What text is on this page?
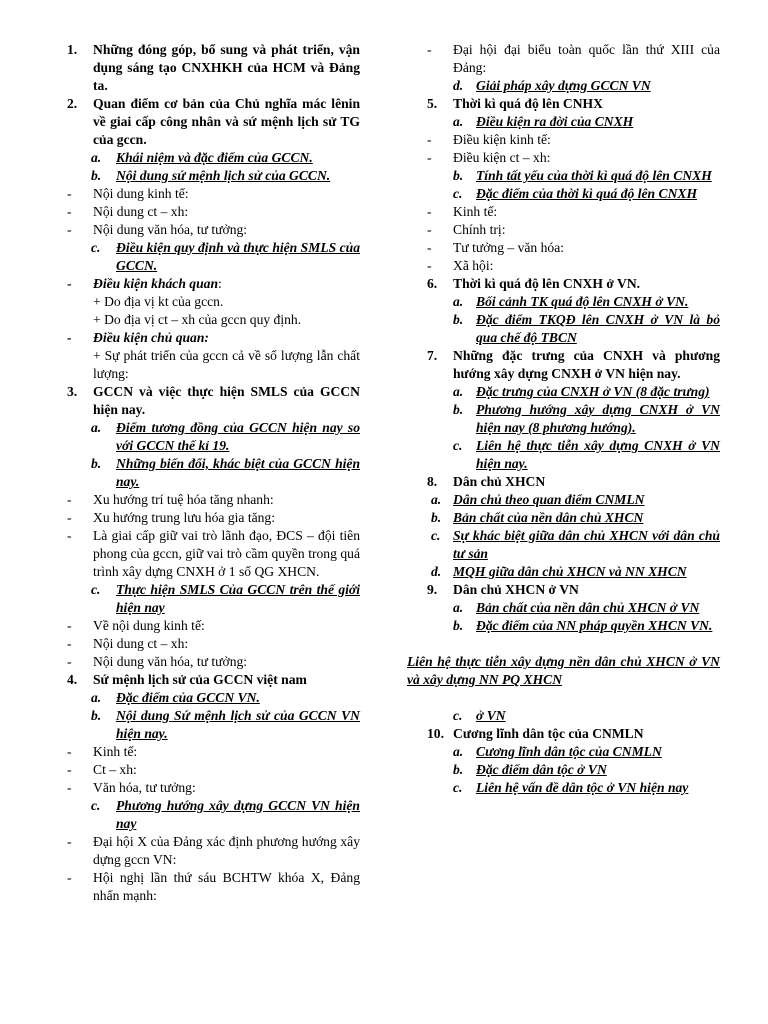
1. Những đóng góp, bổ sung và phát triển, vận dụng sáng tạo CNXHKH của HCM và Đảng ta.
2. Quan điểm cơ bản của Chủ nghĩa mác lênin về giai cấp công nhân và sứ mệnh lịch sử TG của gccn.
a. Khái niệm và đặc điểm của GCCN.
b. Nội dung sứ mệnh lịch sử của GCCN.
- Nội dung kinh tế:
- Nội dung ct – xh:
- Nội dung văn hóa, tư tưởng:
c. Điều kiện quy định và thực hiện SMLS của GCCN.
- Điều kiện khách quan:
+ Do địa vị kt của gccn.
+ Do địa vị ct – xh của gccn quy định.
- Điều kiện chủ quan:
+ Sự phát triển của gccn cả về số lượng lẫn chất lượng:
3. GCCN và việc thực hiện SMLS của GCCN hiện nay.
a. Điểm tương đồng của GCCN hiện nay so với GCCN thế kỉ 19.
b. Những biến đổi, khác biệt của GCCN hiện nay.
- Xu hướng trí tuệ hóa tăng nhanh:
- Xu hướng trung lưu hóa gia tăng:
- Là giai cấp giữ vai trò lãnh đạo, ĐCS – đội tiên phong của gccn, giữ vai trò cầm quyền trong quá trình xây dựng CNXH ở 1 số QG XHCN.
c. Thực hiện SMLS Của GCCN trên thế giới hiện nay
- Về nội dung kinh tế:
- Nội dung ct – xh:
- Nội dung văn hóa, tư tưởng:
4. Sứ mệnh lịch sử của GCCN việt nam
a. Đặc điểm của GCCN VN.
b. Nội dung Sứ mệnh lịch sử của GCCN VN hiện nay.
- Kinh tế:
- Ct – xh:
- Văn hóa, tư tưởng:
c. Phương hướng xây dựng GCCN VN hiện nay
- Đại hội X của Đảng xác định phương hướng xây dựng gccn VN:
- Hội nghị lần thứ sáu BCHTW khóa X, Đảng nhấn mạnh:
- Đại hội đại biểu toàn quốc lần thứ XIII của Đảng:
d. Giải pháp xây dựng GCCN VN
5. Thời kì quá độ lên CNHX
a. Điều kiện ra đời của CNXH
- Điều kiện kinh tế:
- Điều kiện ct – xh:
b. Tính tất yếu của thời kì quá độ lên CNXH
c. Đặc điểm của thời kì quá độ lên CNXH
- Kinh tế:
- Chính trị:
- Tư tưởng – văn hóa:
- Xã hội:
6. Thời kì quá độ lên CNXH ở VN.
a. Bối cảnh TK quá độ lên CNXH ở VN.
b. Đặc điểm TKQĐ lên CNXH ở VN là bỏ qua chế độ TBCN
7. Những đặc trưng của CNXH và phương hướng xây dựng CNXH ở VN hiện nay.
a. Đặc trưng của CNXH ở VN (8 đặc trưng)
b. Phương hướng xây dựng CNXH ở VN hiện nay (8 phương hướng).
c. Liên hệ thực tiễn xây dựng CNXH ở VN hiện nay.
8. Dân chủ XHCN
a. Dân chủ theo quan điểm CNMLN
b. Bản chất của nền dân chủ XHCN
c. Sự khác biệt giữa dân chủ XHCN với dân chủ tư sản
d. MQH giữa dân chủ XHCN và NN XHCN
9. Dân chủ XHCN ở VN
a. Bản chất của nền dân chủ XHCN ở VN
b. Đặc điểm của NN pháp quyền XHCN VN.
Liên hệ thực tiễn xây dựng nền dân chủ XHCN ở VN và xây dựng NN PQ XHCN
c. ở VN
10. Cương lĩnh dân tộc của CNMLN
a. Cương lĩnh dân tộc của CNMLN
b. Đặc điểm dân tộc ở VN
c. Liên hệ vấn đề dân tộc ở VN hiện nay
